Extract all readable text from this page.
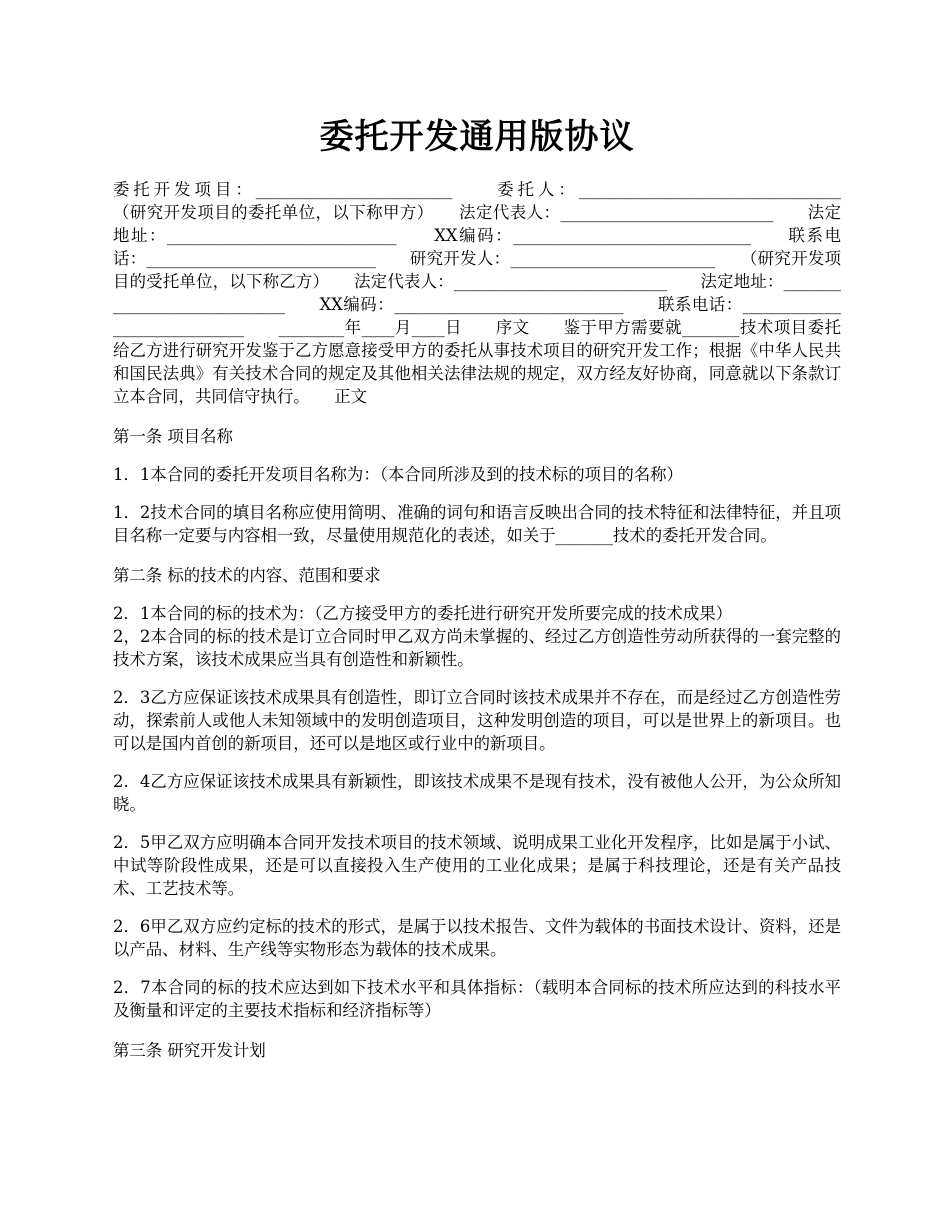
委托开发通用版协议

委托开发项目：________________________　　委托人：________________________________　　（研究开发项目的委托单位，以下称甲方）　　法定代表人：__________________________　　法定地址：____________________________　　XX编码：_____________________________　　联系电话：____________________________　　研究开发人：_________________________　　（研究开发项目的受托单位，以下称乙方）　　法定代表人：__________________________　　法定地址：____________________________　　XX编码：____________________________　　联系电话：____________________________　　________年____月____日　　序文　　鉴于甲方需要就_______技术项目委托给乙方进行研究开发鉴于乙方愿意接受甲方的委托从事技术项目的研究开发工作；根据《中华人民共和国民法典》有关技术合同的规定及其他相关法律法规的规定，双方经友好协商，同意就以下条款订立本合同，共同信守执行。　　正文

第一条 项目名称

1．1本合同的委托开发项目名称为：（本合同所涉及到的技术标的项目的名称）

1．2技术合同的填目名称应使用简明、准确的词句和语言反映出合同的技术特征和法律特征，并且项目名称一定要与内容相一致，尽量使用规范化的表述，如关于_______技术的委托开发合同。

第二条 标的技术的内容、范围和要求

2．1本合同的标的技术为：（乙方接受甲方的委托进行研究开发所要完成的技术成果）

2，2本合同的标的技术是订立合同时甲乙双方尚未掌握的、经过乙方创造性劳动所获得的一套完整的技术方案，该技术成果应当具有创造性和新颖性。

2．3乙方应保证该技术成果具有创造性，即订立合同时该技术成果并不存在，而是经过乙方创造性劳动，探索前人或他人未知领域中的发明创造项目，这种发明创造的项目，可以是世界上的新项目。也可以是国内首创的新项目，还可以是地区或行业中的新项目。

2．4乙方应保证该技术成果具有新颖性，即该技术成果不是现有技术，没有被他人公开，为公众所知晓。

2．5甲乙双方应明确本合同开发技术项目的技术领域、说明成果工业化开发程序，比如是属于小试、中试等阶段性成果，还是可以直接投入生产使用的工业化成果；是属于科技理论，还是有关产品技术、工艺技术等。

2．6甲乙双方应约定标的技术的形式，是属于以技术报告、文件为载体的书面技术设计、资料，还是以产品、材料、生产线等实物形态为载体的技术成果。

2．7本合同的标的技术应达到如下技术水平和具体指标：（载明本合同标的技术所应达到的科技水平及衡量和评定的主要技术指标和经济指标等）

第三条 研究开发计划
